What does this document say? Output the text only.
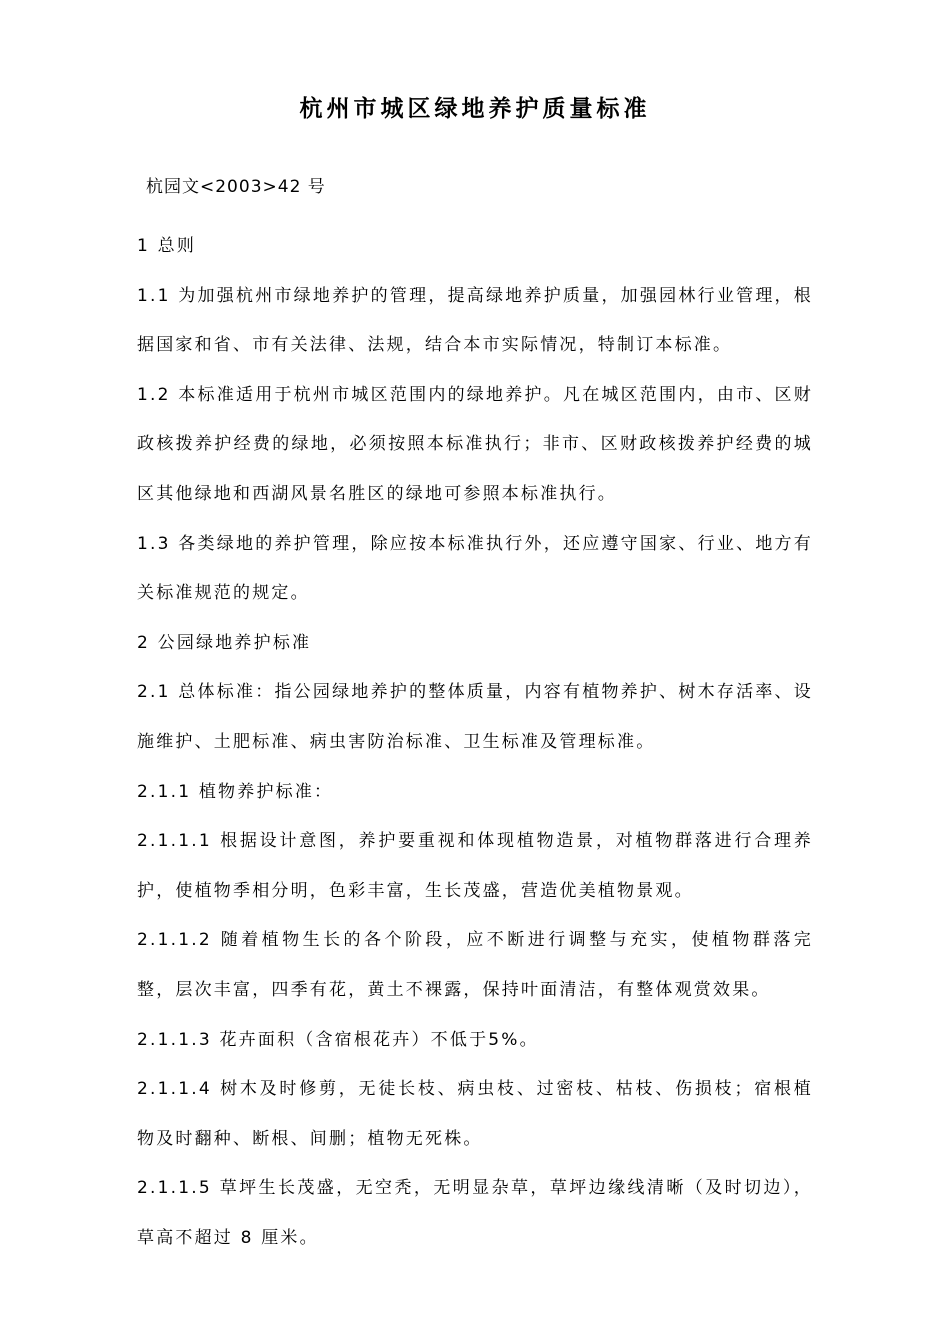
杭州市城区绿地养护质量标准
杭园文<2003>42 号

1 总则

1.1 为加强杭州市绿地养护的管理，提高绿地养护质量，加强园林行业管理，根据国家和省、市有关法律、法规，结合本市实际情况，特制订本标准。

1.2 本标准适用于杭州市城区范围内的绿地养护。凡在城区范围内，由市、区财政核拨养护经费的绿地，必须按照本标准执行；非市、区财政核拨养护经费的城区其他绿地和西湖风景名胜区的绿地可参照本标准执行。

1.3 各类绿地的养护管理，除应按本标准执行外，还应遵守国家、行业、地方有关标准规范的规定。

2 公园绿地养护标准

2.1 总体标准：指公园绿地养护的整体质量，内容有植物养护、树木存活率、设施维护、土肥标准、病虫害防治标准、卫生标准及管理标准。

2.1.1 植物养护标准：

2.1.1.1 根据设计意图，养护要重视和体现植物造景，对植物群落进行合理养护，使植物季相分明，色彩丰富，生长茂盛，营造优美植物景观。

2.1.1.2 随着植物生长的各个阶段，应不断进行调整与充实，使植物群落完整，层次丰富，四季有花，黄土不裸露，保持叶面清洁，有整体观赏效果。

2.1.1.3 花卉面积（含宿根花卉）不低于5%。

2.1.1.4 树木及时修剪，无徒长枝、病虫枝、过密枝、枯枝、伤损枝；宿根植物及时翻种、断根、间删；植物无死株。

2.1.1.5 草坪生长茂盛，无空秃，无明显杂草，草坪边缘线清晰（及时切边），草高不超过 8 厘米。
